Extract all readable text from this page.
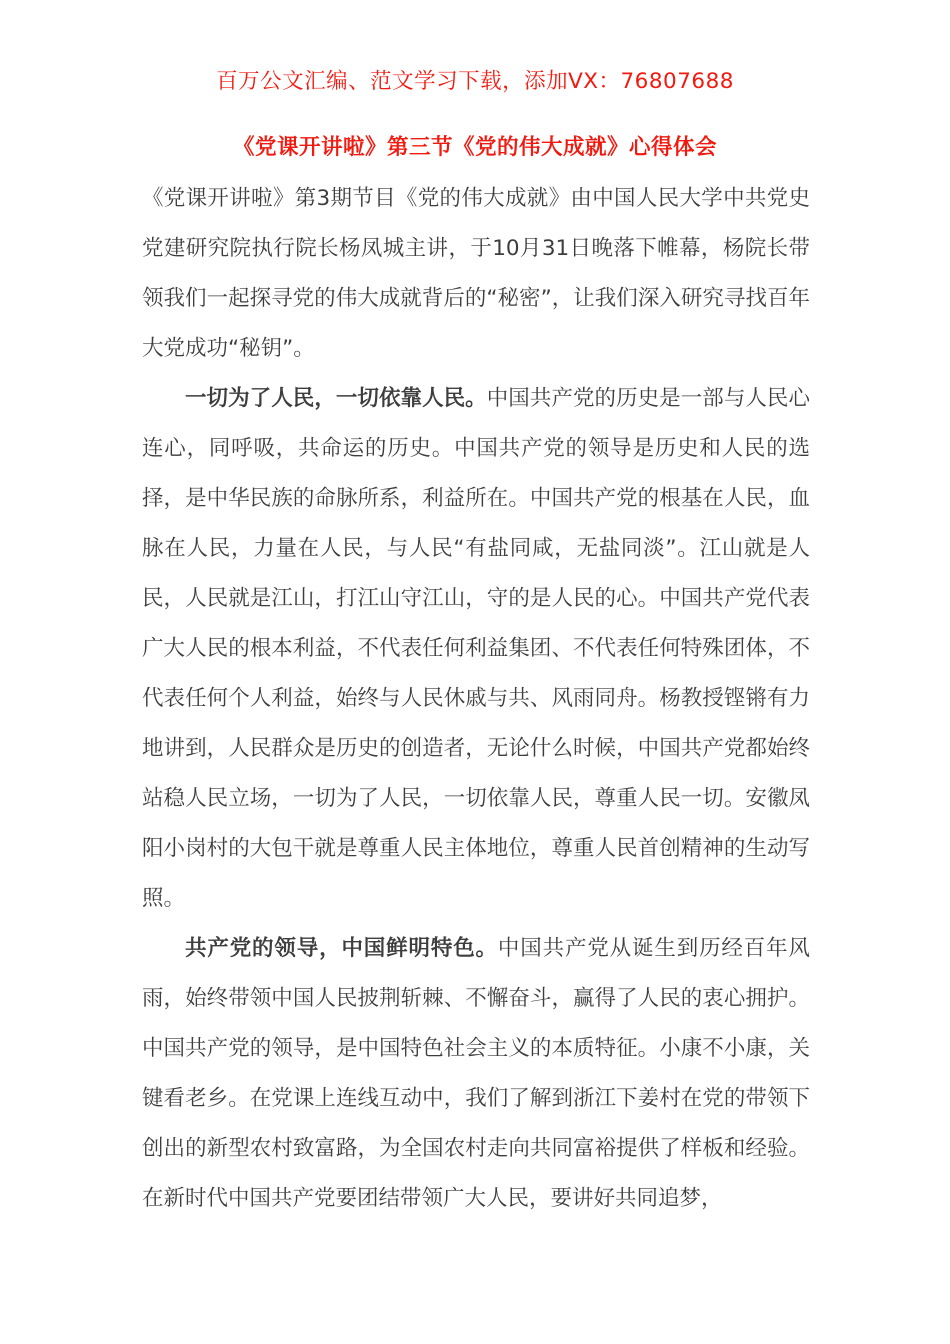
百万公文汇编、范文学习下载，添加VX：76807688
《党课开讲啦》第三节《党的伟大成就》心得体会

《党课开讲啦》第3期节目《党的伟大成就》由中国人民大学中共党史党建研究院执行院长杨凤城主讲，于10月31日晚落下帷幕，杨院长带领我们一起探寻党的伟大成就背后的“秘密”，让我们深入研究寻找百年大党成功“秘钥”。

一切为了人民，一切依靠人民。中国共产党的历史是一部与人民心连心，同呼吸，共命运的历史。中国共产党的领导是历史和人民的选择，是中华民族的命脉所系，利益所在。中国共产党的根基在人民，血脉在人民，力量在人民，与人民“有盐同咸，无盐同淡”。江山就是人民，人民就是江山，打江山守江山，守的是人民的心。中国共产党代表广大人民的根本利益，不代表任何利益集团、不代表任何特殊团体，不代表任何个人利益，始终与人民休戚与共、风雨同舟。杨教授铿锵有力地讲到，人民群众是历史的创造者，无论什么时候，中国共产党都始终站稳人民立场，一切为了人民，一切依靠人民，尊重人民一切。安徽凤阳小岗村的大包干就是尊重人民主体地位，尊重人民首创精神的生动写照。

共产党的领导，中国鲜明特色。中国共产党从诞生到历经百年风雨，始终带领中国人民披荆斩棘、不懈奋斗，赢得了人民的衷心拥护。中国共产党的领导，是中国特色社会主义的本质特征。小康不小康，关键看老乡。在党课上连线互动中，我们了解到浙江下姜村在党的带领下创出的新型农村致富路，为全国农村走向共同富裕提供了样板和经验。在新时代中国共产党要团结带领广大人民，要讲好共同追梦，
